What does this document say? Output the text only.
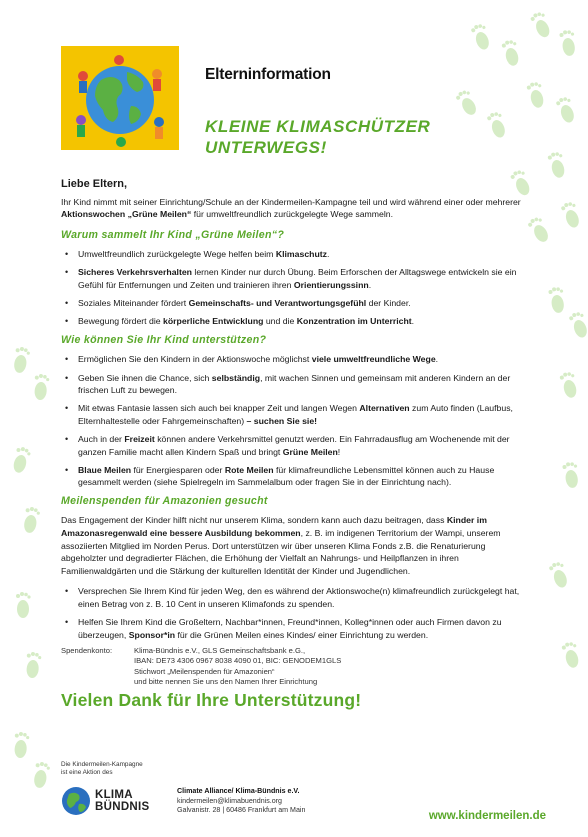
Elterninformation
KLEINE KLIMASCHÜTZER UNTERWEGS!
Liebe Eltern,

Ihr Kind nimmt mit seiner Einrichtung/Schule an der Kindermeilen-Kampagne teil und wird während einer oder mehrerer Aktionswochen „Grüne Meilen“ für umweltfreundlich zurückgelegte Wege sammeln.

Warum sammelt Ihr Kind „Grüne Meilen“?
• Umweltfreundlich zurückgelegte Wege helfen beim Klimaschutz.
• Sicheres Verkehrsverhalten lernen Kinder nur durch Übung. Beim Erforschen der Alltagswege entwickeln sie ein Gefühl für Entfernungen und Zeiten und trainieren ihren Orientierungssinn.
• Soziales Miteinander fördert Gemeinschafts- und Verantwortungsgefühl der Kinder.
• Bewegung fördert die körperliche Entwicklung und die Konzentration im Unterricht.
Wie können Sie Ihr Kind unterstützen?
• Ermöglichen Sie den Kindern in der Aktionswoche möglichst viele umweltfreundliche Wege.
• Geben Sie ihnen die Chance, sich selbständig, mit wachen Sinnen und gemeinsam mit anderen Kindern an der frischen Luft zu bewegen.
• Mit etwas Fantasie lassen sich auch bei knapper Zeit und langen Wegen Alternativen zum Auto finden (Laufbus, Elternhaltestelle oder Fahrgemeinschaften) – suchen Sie sie!
• Auch in der Freizeit können andere Verkehrsmittel genutzt werden. Ein Fahrradausflug am Wochenende mit der ganzen Familie macht allen Kindern Spaß und bringt Grüne Meilen!
• Blaue Meilen für Energiesparen oder Rote Meilen für klimafreundliche Lebensmittel können auch zu Hause gesammelt werden (siehe Spielregeln im Sammelalbum oder fragen Sie in der Einrichtung nach).
Meilenspenden für Amazonien gesucht

Das Engagement der Kinder hilft nicht nur unserem Klima, sondern kann auch dazu beitragen, dass Kinder im Amazonasregenwald eine bessere Ausbildung bekommen, z. B. im indigenen Territorium der Wampi, unserem assoziierten Mitglied im Norden Perus. Dort unterstützen wir über unseren Klima Fonds z.B. die Renaturierung abgeholzter und degradierter Flächen, die Erhöhung der Vielfalt an Nahrungs- und Heilpflanzen in ihren Familienwaldgärten und die Stärkung der kulturellen Identität der Kinder und Jugendlichen.

• Versprechen Sie Ihrem Kind für jeden Weg, den es während der Aktionswoche(n) klimafreundlich zurückgelegt hat, einen Betrag von z. B. 10 Cent in unseren Klimafonds zu spenden.
• Helfen Sie Ihrem Kind die Großeltern, Nachbar*innen, Freund*innen, Kolleg*innen oder auch Firmen davon zu überzeugen, Sponsor*in für die Grünen Meilen eines Kindes/ einer Einrichtung zu werden.
Spendenkonto:	Klima-Bündnis e.V., GLS Gemeinschaftsbank e.G.,
IBAN: DE73 4306 0967 8038 4090 01, BIC: GENODEM1GLS
Stichwort „Meilenspenden für Amazonien“
und bitte nennen Sie uns den Namen Ihrer Einrichtung
Vielen Dank für Ihre Unterstützung!
Die Kindermeilen-Kampagne
ist eine Aktion des
KLIMA
BÜNDNIS
Climate Alliance/ Klima-Bündnis e.V.
kindermeilen@klimabuendnis.org
Galvanistr. 28 | 60486 Frankfurt am Main	www.kindermeilen.de
